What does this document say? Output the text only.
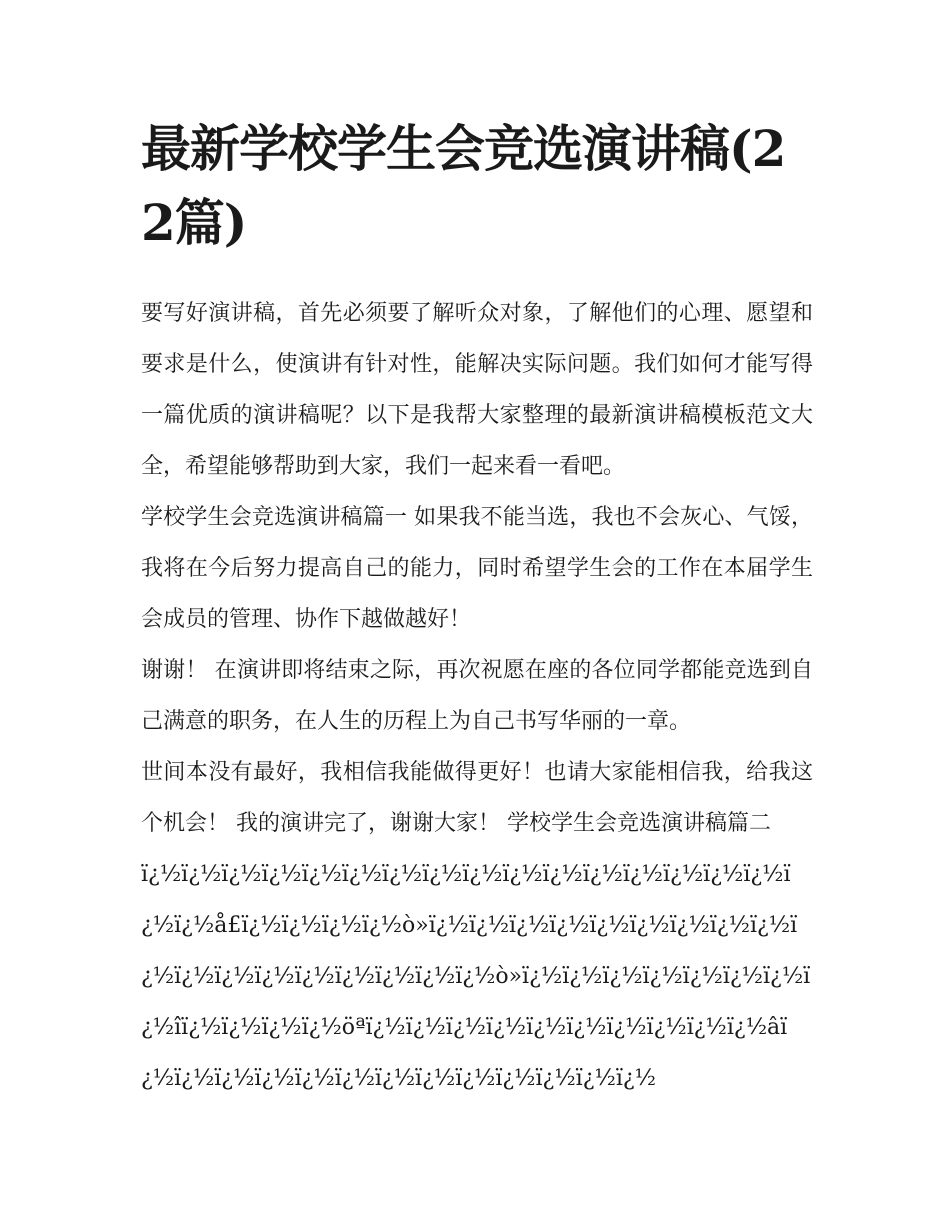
最新学校学生会竞选演讲稿(22篇)

要写好演讲稿，首先必须要了解听众对象，了解他们的心理、愿望和要求是什么，使演讲有针对性，能解决实际问题。我们如何才能写得一篇优质的演讲稿呢？以下是我帮大家整理的最新演讲稿模板范文大全，希望能够帮助到大家，我们一起来看一看吧。

学校学生会竞选演讲稿篇一 如果我不能当选，我也不会灰心、气馁，我将在今后努力提高自己的能力，同时希望学生会的工作在本届学生会成员的管理、协作下越做越好！

谢谢！ 在演讲即将结束之际，再次祝愿在座的各位同学都能竞选到自己满意的职务，在人生的历程上为自己书写华丽的一章。

世间本没有最好，我相信我能做得更好！也请大家能相信我，给我这个机会！ 我的演讲完了，谢谢大家！ 学校学生会竞选演讲稿篇二

ï¿½ï¿½ï¿½ï¿½ï¿½ï¿½ï¿½ï¿½ï¿½ï¿½ï¿½ï¿½ï¿½ï¿½ï¿½ï¿½ï¿½ï¿½å£ï¿½ï¿½ï¿½ï¿½ò»ï¿½ï¿½ï¿½ï¿½ï¿½ï¿½ï¿½ï¿½ï¿½ï¿½ï¿½ï¿½ï¿½ï¿½ï¿½ï¿½ï¿½ï¿½ò»ï¿½ï¿½ï¿½ï¿½ï¿½ï¿½ï¿½ï¿½îï¿½ï¿½ï¿½ï¿½öªï¿½ï¿½ï¿½ï¿½ï¿½ï¿½ï¿½ï¿½ï¿½ï¿½âï¿½ï¿½ï¿½ï¿½ï¿½ï¿½ï¿½ï¿½ï¿½ï¿½ï¿½ï¿½ï¿½
